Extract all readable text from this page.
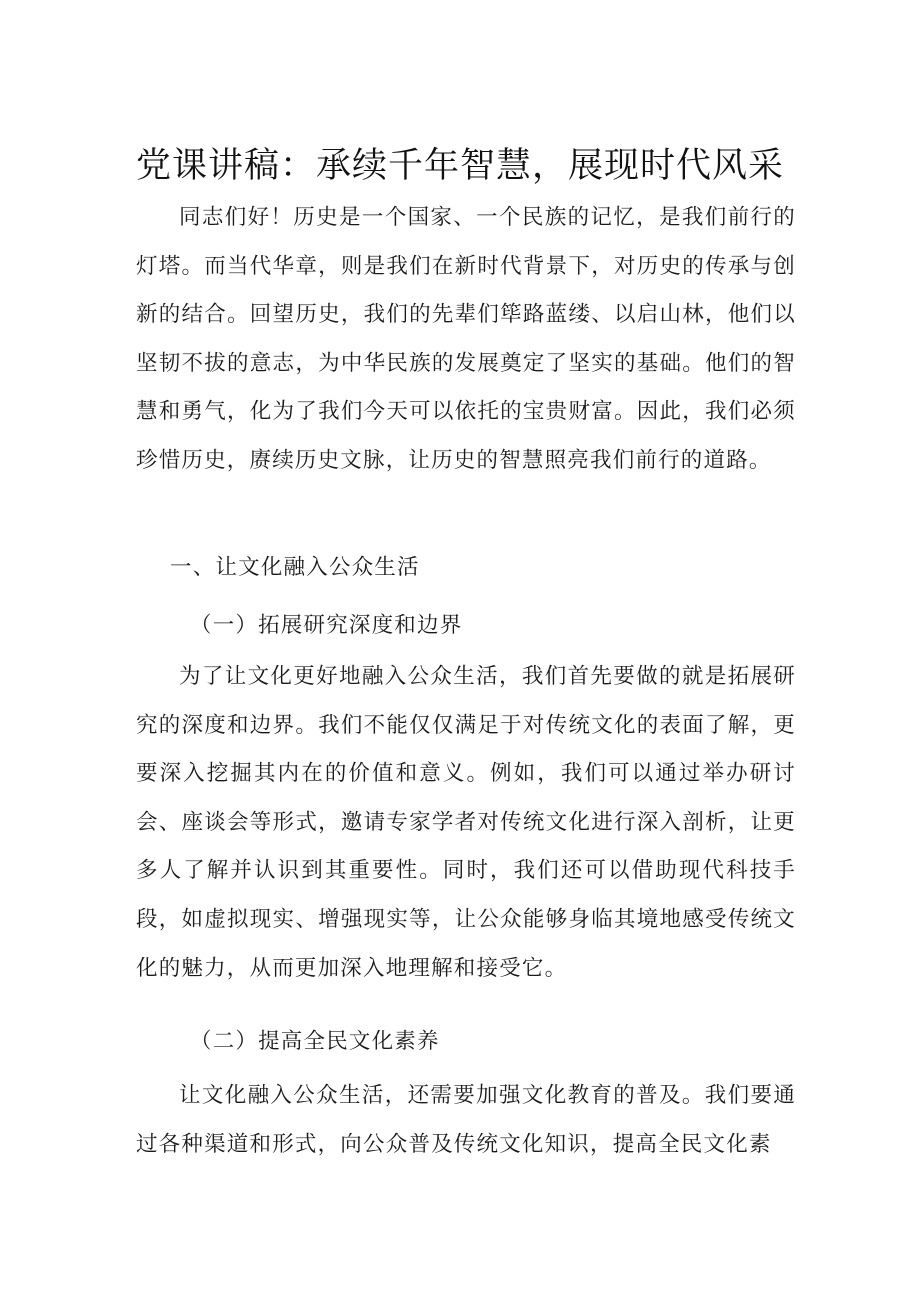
党课讲稿：承续千年智慧，展现时代风采

同志们好！历史是一个国家、一个民族的记忆，是我们前行的灯塔。而当代华章，则是我们在新时代背景下，对历史的传承与创新的结合。回望历史，我们的先辈们筚路蓝缕、以启山林，他们以坚韧不拔的意志，为中华民族的发展奠定了坚实的基础。他们的智慧和勇气，化为了我们今天可以依托的宝贵财富。因此，我们必须珍惜历史，赓续历史文脉，让历史的智慧照亮我们前行的道路。

一、让文化融入公众生活
（一）拓展研究深度和边界

为了让文化更好地融入公众生活，我们首先要做的就是拓展研究的深度和边界。我们不能仅仅满足于对传统文化的表面了解，更要深入挖掘其内在的价值和意义。例如，我们可以通过举办研讨会、座谈会等形式，邀请专家学者对传统文化进行深入剖析，让更多人了解并认识到其重要性。同时，我们还可以借助现代科技手段，如虚拟现实、增强现实等，让公众能够身临其境地感受传统文化的魅力，从而更加深入地理解和接受它。

（二）提高全民文化素养

让文化融入公众生活，还需要加强文化教育的普及。我们要通过各种渠道和形式，向公众普及传统文化知识，提高全民文化素
